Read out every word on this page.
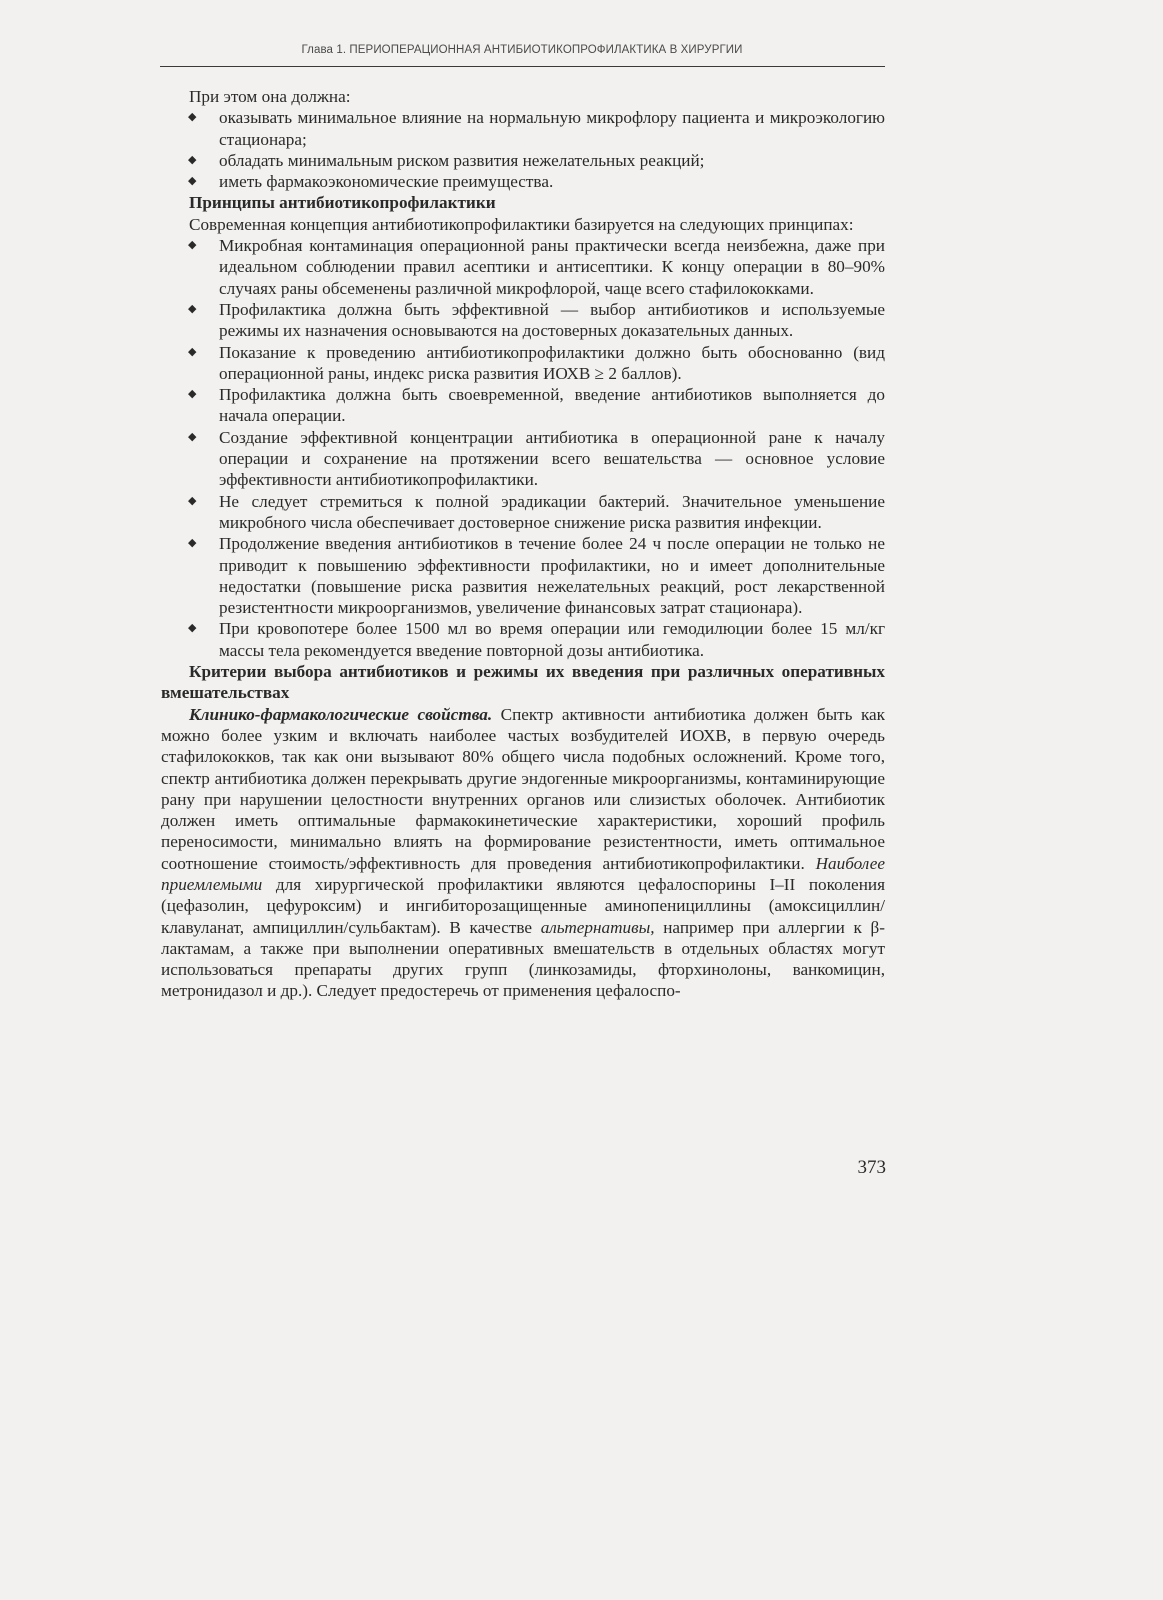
Глава 1. ПЕРИОПЕРАЦИОННАЯ АНТИБИОТИКОПРОФИЛАКТИКА В ХИРУРГИИ

При этом она должна:

◆ оказывать минимальное влияние на нормальную микрофлору пациента и микроэкологию стационара;
◆ обладать минимальным риском развития нежелательных реакций;
◆ иметь фармакоэкономические преимущества.

Принципы антибиотикопрофилактики

Современная концепция антибиотикопрофилактики базируется на следующих принципах:

◆ Микробная контаминация операционной раны практически всегда неизбежна, даже при идеальном соблюдении правил асептики и антисептики. К концу операции в 80–90% случаях раны обсеменены различной микрофлорой, чаще всего стафилококками.
◆ Профилактика должна быть эффективной — выбор антибиотиков и используемые режимы их назначения основываются на достоверных доказательных данных.
◆ Показание к проведению антибиотикопрофилактики должно быть обоснованно (вид операционной раны, индекс риска развития ИОХВ ≥ 2 баллов).
◆ Профилактика должна быть своевременной, введение антибиотиков выполняется до начала операции.
◆ Создание эффективной концентрации антибиотика в операционной ране к началу операции и сохранение на протяжении всего вешательства — основное условие эффективности антибиотикопрофилактики.
◆ Не следует стремиться к полной эрадикации бактерий. Значительное уменьшение микробного числа обеспечивает достоверное снижение риска развития инфекции.
◆ Продолжение введения антибиотиков в течение более 24 ч после операции не только не приводит к повышению эффективности профилактики, но и имеет дополнительные недостатки (повышение риска развития нежелательных реакций, рост лекарственной резистентности микроорганизмов, увеличение финансовых затрат стационара).
◆ При кровопотере более 1500 мл во время операции или гемодилюции более 15 мл/кг массы тела рекомендуется введение повторной дозы антибиотика.

Критерии выбора антибиотиков и режимы их введения при различных оперативных вмешательствах

Клинико-фармакологические свойства. Спектр активности антибиотика должен быть как можно более узким и включать наиболее частых возбудителей ИОХВ, в первую очередь стафилококков, так как они вызывают 80% общего числа подобных осложнений. Кроме того, спектр антибиотика должен перекрывать другие эндогенные микроорганизмы, контаминирующие рану при нарушении целостности внутренних органов или слизистых оболочек. Антибиотик должен иметь оптимальные фармакокинетические характеристики, хороший профиль переносимости, минимально влиять на формирование резистентности, иметь оптимальное соотношение стоимость/эффективность для проведения антибиотикопрофилактики. Наиболее приемлемыми для хирургической профилактики являются цефалоспорины I–II поколения (цефазолин, цефуроксим) и ингибиторозащищенные аминопенициллины (амоксициллин/клавуланат, ампициллин/сульбактам). В качестве альтернативы, например при аллергии к β-лактамам, а также при выполнении оперативных вмешательств в отдельных областях могут использоваться препараты других групп (линкозамиды, фторхинолоны, ванкомицин, метронидазол и др.). Следует предостеречь от применения цефалоспо-

373
